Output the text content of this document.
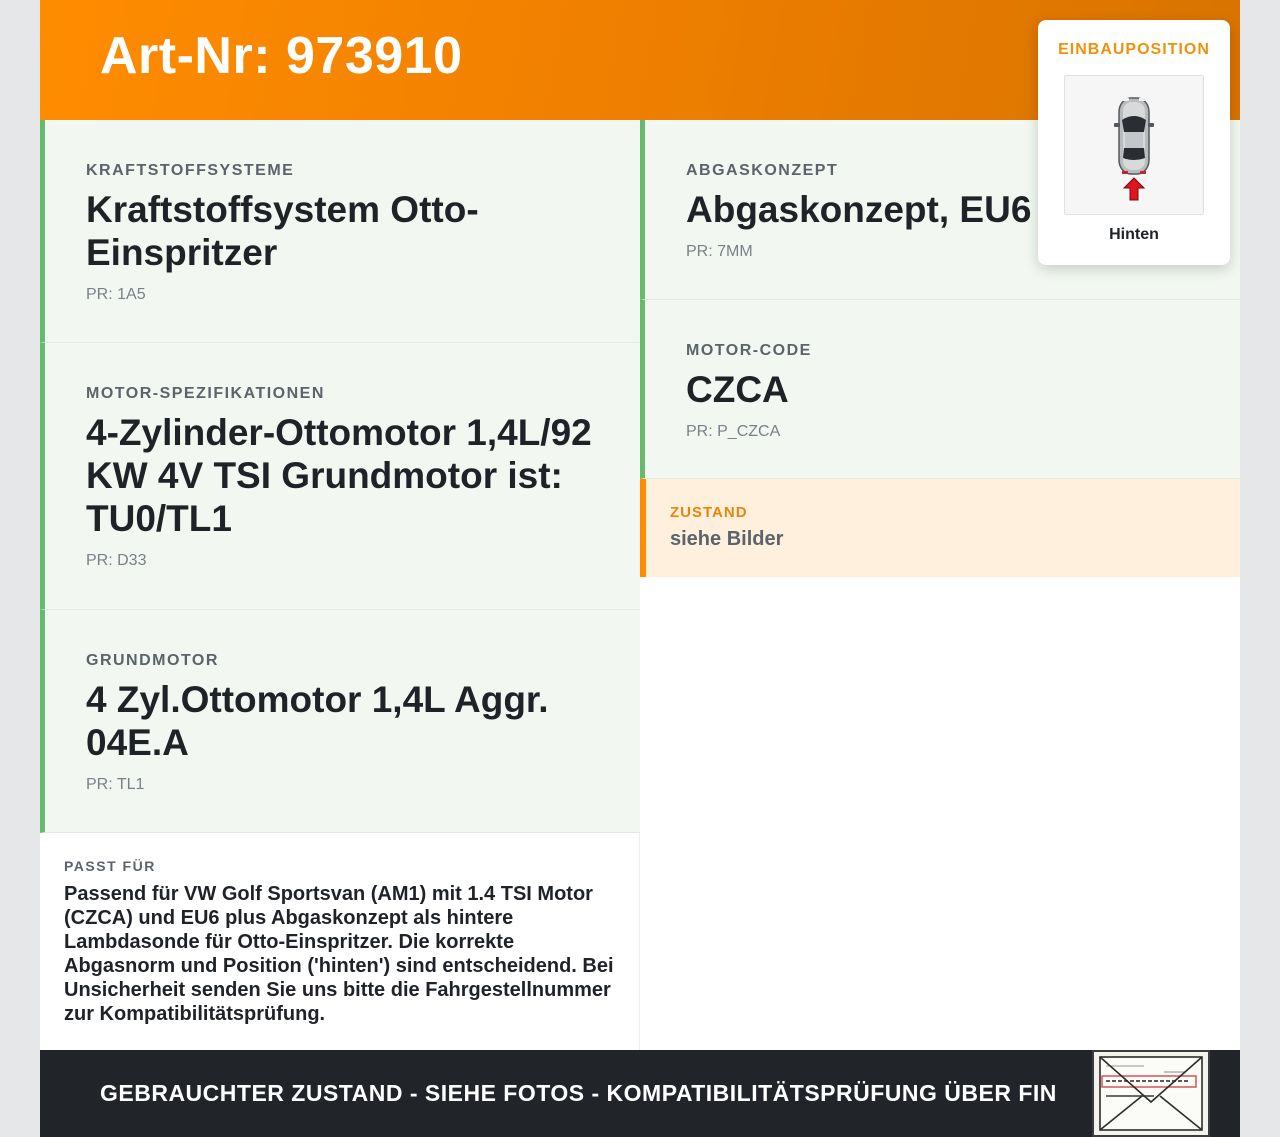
Art-Nr: 973910
KRAFTSTOFFSYSTEME
Kraftstoffsystem Otto-Einspritzer
PR: 1A5
MOTOR-SPEZIFIKATIONEN
4-Zylinder-Ottomotor 1,4L/92 KW 4V TSI Grundmotor ist: TU0/TL1
PR: D33
GRUNDMOTOR
4 Zyl.Ottomotor 1,4L Aggr. 04E.A
PR: TL1
ABGASKONZEPT
Abgaskonzept, EU6
PR: 7MM
MOTOR-CODE
CZCA
PR: P_CZCA
ZUSTAND
siehe Bilder
PASST FÜR
Passend für VW Golf Sportsvan (AM1) mit 1.4 TSI Motor (CZCA) und EU6 plus Abgaskonzept als hintere Lambdasonde für Otto-Einspritzer. Die korrekte Abgasnorm und Position ('hinten') sind entscheidend. Bei Unsicherheit senden Sie uns bitte die Fahrgestellnummer zur Kompatibilitätsprüfung.
GEBRAUCHTER ZUSTAND - SIEHE FOTOS - KOMPATIBILITÄTSPRÜFUNG ÜBER FIN
EINBAUPOSITION
Hinten
